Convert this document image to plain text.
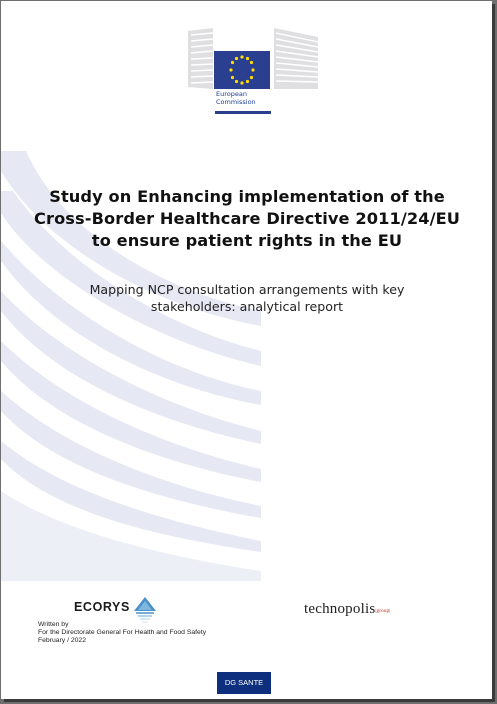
European
Commission
Study on Enhancing implementation of the Cross-Border Healthcare Directive 2011/24/EU to ensure patient rights in the EU
Mapping NCP consultation arrangements with key stakeholders: analytical report
ECORYS
Written by
For the Directorate General For Health and Food Safety
February / 2022
technopolis|group|
DG SANTE
